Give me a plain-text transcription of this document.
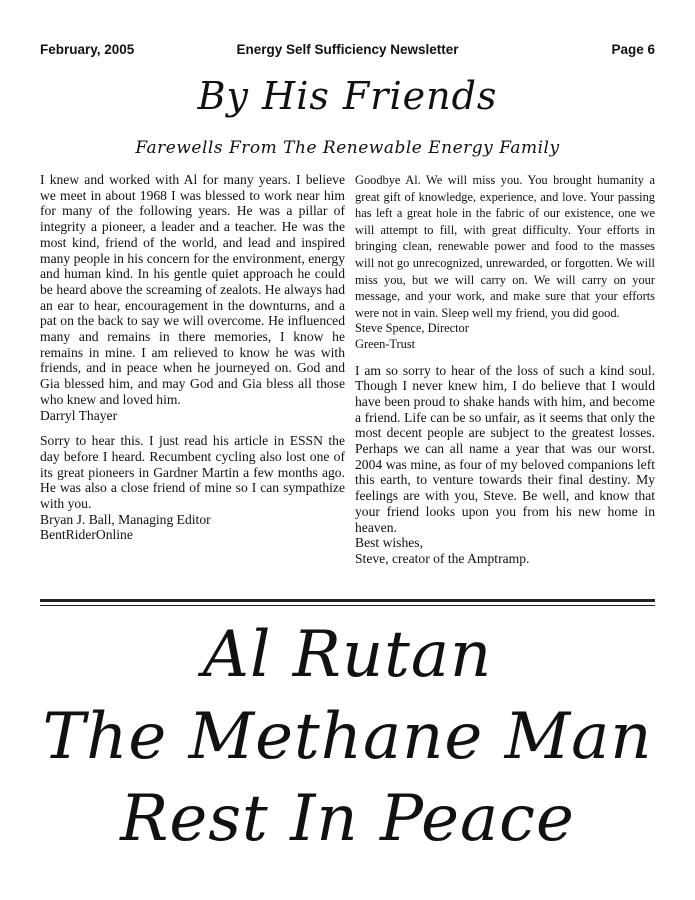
February, 2005	Energy Self Sufficiency Newsletter	Page 6
By His Friends
Farewells From The Renewable Energy Family

I knew and worked with Al for many years. I believe we meet in about 1968 I was blessed to work near him for many of the following years. He was a pillar of integrity a pioneer, a leader and a teacher. He was the most kind, friend of the world, and lead and inspired many people in his concern for the environment, energy and human kind. In his gentle quiet approach he could be heard above the screaming of zealots. He always had an ear to hear, encouragement in the downturns, and a pat on the back to say we will overcome. He influenced many and remains in there memories, I know he remains in mine. I am relieved to know he was with friends, and in peace when he journeyed on. God and Gia blessed him, and may God and Gia bless all those who knew and loved him.
Darryl Thayer

Sorry to hear this. I just read his article in ESSN the day before I heard. Recumbent cycling also lost one of its great pioneers in Gardner Martin a few months ago. He was also a close friend of mine so I can sympathize with you.
Bryan J. Ball, Managing Editor
BentRiderOnline

Goodbye Al. We will miss you. You brought humanity a great gift of knowledge, experience, and love. Your passing has left a great hole in the fabric of our existence, one we will attempt to fill, with great difficulty. Your efforts in bringing clean, renewable power and food to the masses will not go unrecognized, unrewarded, or forgotten. We will miss you, but we will carry on. We will carry on your message, and your work, and make sure that your efforts were not in vain. Sleep well my friend, you did good.
Steve Spence, Director
Green-Trust

I am so sorry to hear of the loss of such a kind soul. Though I never knew him, I do believe that I would have been proud to shake hands with him, and become a friend. Life can be so unfair, as it seems that only the most decent people are subject to the greatest losses. Perhaps we can all name a year that was our worst. 2004 was mine, as four of my beloved companions left this earth, to venture towards their final destiny. My feelings are with you, Steve. Be well, and know that your friend looks upon you from his new home in heaven.
Best wishes,
Steve, creator of the Amptramp.

Al Rutan
The Methane Man
Rest In Peace
